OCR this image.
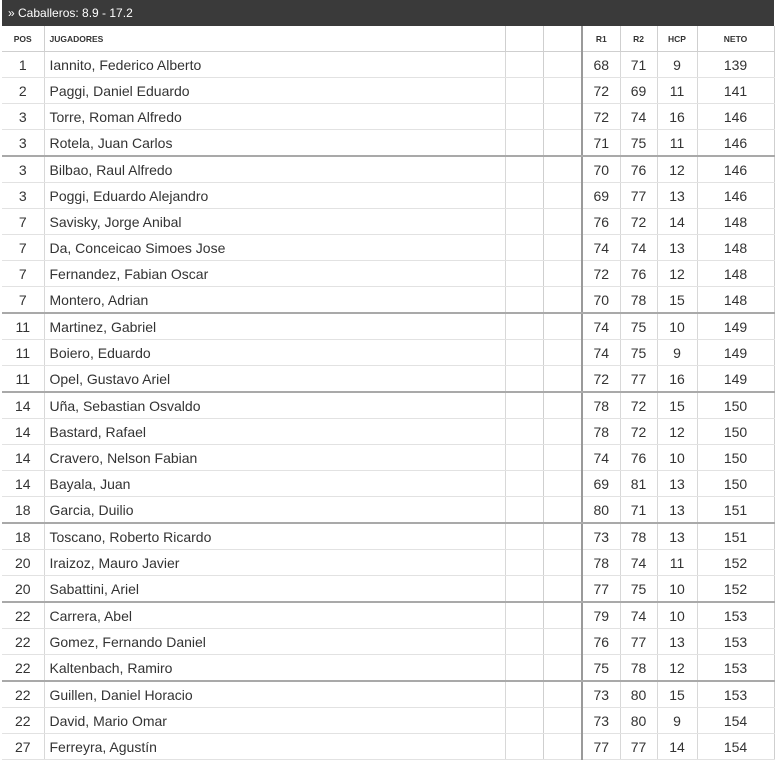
» Caballeros: 8.9 - 17.2
POS	JUGADORES			R1	R2	HCP	NETO
1	Iannito, Federico Alberto			68	71	9	139
2	Paggi, Daniel Eduardo			72	69	11	141
3	Torre, Roman Alfredo			72	74	16	146
3	Rotela, Juan Carlos			71	75	11	146
3	Bilbao, Raul Alfredo			70	76	12	146
3	Poggi, Eduardo Alejandro			69	77	13	146
7	Savisky, Jorge Anibal			76	72	14	148
7	Da, Conceicao Simoes Jose			74	74	13	148
7	Fernandez, Fabian Oscar			72	76	12	148
7	Montero, Adrian			70	78	15	148
11	Martinez, Gabriel			74	75	10	149
11	Boiero, Eduardo			74	75	9	149
11	Opel, Gustavo Ariel			72	77	16	149
14	Uña, Sebastian Osvaldo			78	72	15	150
14	Bastard, Rafael			78	72	12	150
14	Cravero, Nelson Fabian			74	76	10	150
14	Bayala, Juan			69	81	13	150
18	Garcia, Duilio			80	71	13	151
18	Toscano, Roberto Ricardo			73	78	13	151
20	Iraizoz, Mauro Javier			78	74	11	152
20	Sabattini, Ariel			77	75	10	152
22	Carrera, Abel			79	74	10	153
22	Gomez, Fernando Daniel			76	77	13	153
22	Kaltenbach, Ramiro			75	78	12	153
22	Guillen, Daniel Horacio			73	80	15	153
22	David, Mario Omar			73	80	9	154
27	Ferreyra, Agustín			77	77	14	154
